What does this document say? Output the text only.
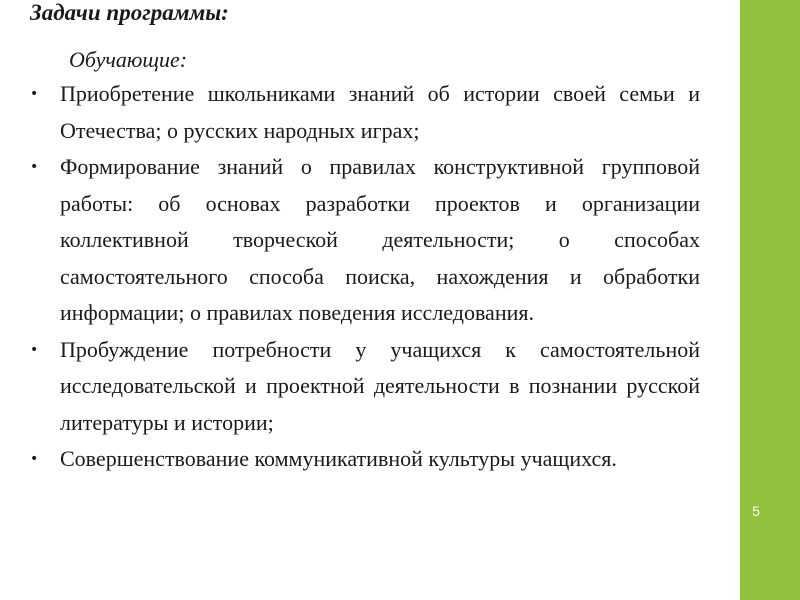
Задачи программы:
Обучающие:
• Приобретение школьниками знаний об истории своей семьи и Отечества; о русских народных играх;
• Формирование знаний о правилах конструктивной групповой работы: об основах разработки проектов и организации коллективной творческой деятельности; о способах самостоятельного способа поиска, нахождения и обработки информации; о правилах поведения исследования.
• Пробуждение потребности у учащихся к самостоятельной исследовательской и проектной деятельности в познании русской литературы и истории;
• Совершенствование коммуникативной культуры учащихся.
5
